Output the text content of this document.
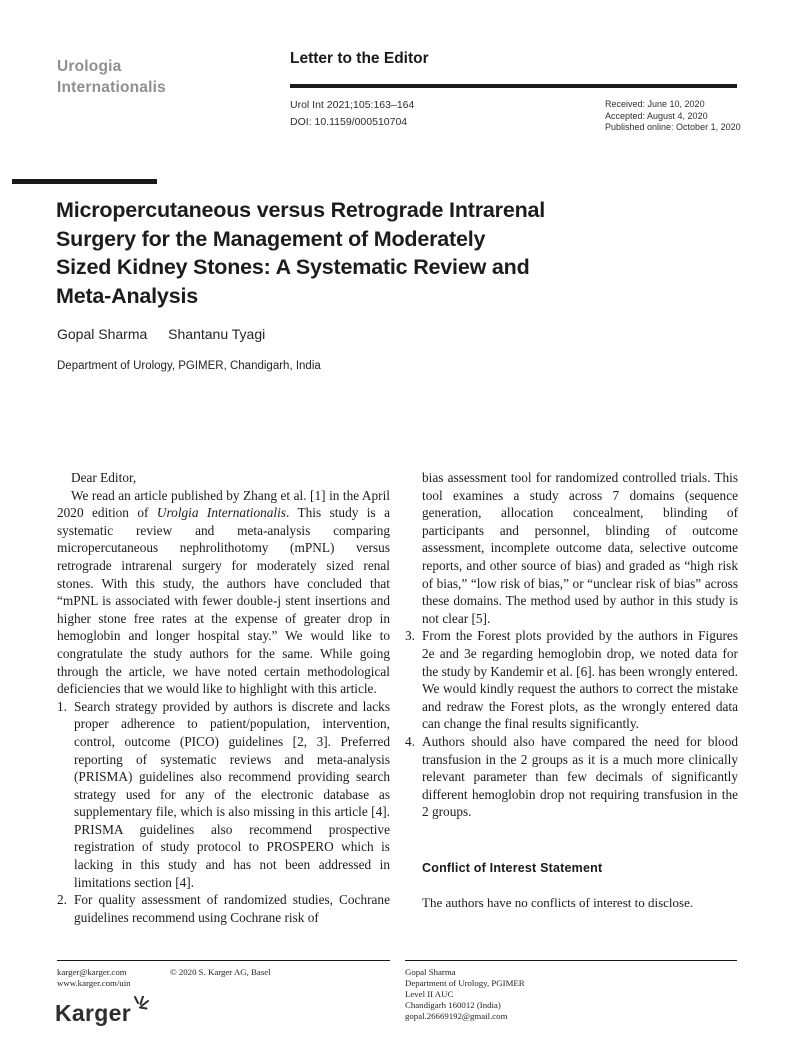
Urologia
Internationalis
Letter to the Editor
Urol Int 2021;105:163–164
DOI: 10.1159/000510704
Received: June 10, 2020
Accepted: August 4, 2020
Published online: October 1, 2020
Micropercutaneous versus Retrograde Intrarenal
Surgery for the Management of Moderately
Sized Kidney Stones: A Systematic Review and
Meta-Analysis
Gopal Sharma Shantanu Tyagi
Department of Urology, PGIMER, Chandigarh, India

Dear Editor,

We read an article published by Zhang et al. [1] in the April 2020 edition of Urolgia Internationalis. This study is a systematic review and meta-analysis comparing micropercutaneous nephrolithotomy (mPNL) versus retrograde intrarenal surgery for moderately sized renal stones. With this study, the authors have concluded that “mPNL is associated with fewer double-j stent insertions and higher stone free rates at the expense of greater drop in hemoglobin and longer hospital stay.” We would like to congratulate the study authors for the same. While going through the article, we have noted certain methodological deficiencies that we would like to highlight with this article.

1. Search strategy provided by authors is discrete and lacks proper adherence to patient/population, intervention, control, outcome (PICO) guidelines [2, 3]. Preferred reporting of systematic reviews and meta-analysis (PRISMA) guidelines also recommend providing search strategy used for any of the electronic database as supplementary file, which is also missing in this article [4]. PRISMA guidelines also recommend prospective registration of study protocol to PROSPERO which is lacking in this study and has not been addressed in limitations section [4].
2. For quality assessment of randomized studies, Cochrane guidelines recommend using Cochrane risk of

bias assessment tool for randomized controlled trials. This tool examines a study across 7 domains (sequence generation, allocation concealment, blinding of participants and personnel, blinding of outcome assessment, incomplete outcome data, selective outcome reports, and other source of bias) and graded as “high risk of bias,” “low risk of bias,” or “unclear risk of bias” across these domains. The method used by author in this study is not clear [5].

3. From the Forest plots provided by the authors in Figures 2e and 3e regarding hemoglobin drop, we noted data for the study by Kandemir et al. [6]. has been wrongly entered. We would kindly request the authors to correct the mistake and redraw the Forest plots, as the wrongly entered data can change the final results significantly.
4. Authors should also have compared the need for blood transfusion in the 2 groups as it is a much more clinically relevant parameter than few decimals of significantly different hemoglobin drop not requiring transfusion in the 2 groups.
Conflict of Interest Statement

The authors have no conflicts of interest to disclose.

karger@karger.com
www.karger.com/uin
© 2020 S. Karger AG, Basel
Karger
Gopal Sharma
Department of Urology, PGIMER
Level II AUC
Chandigarh 160012 (India)
gopal.26669192@gmail.com
